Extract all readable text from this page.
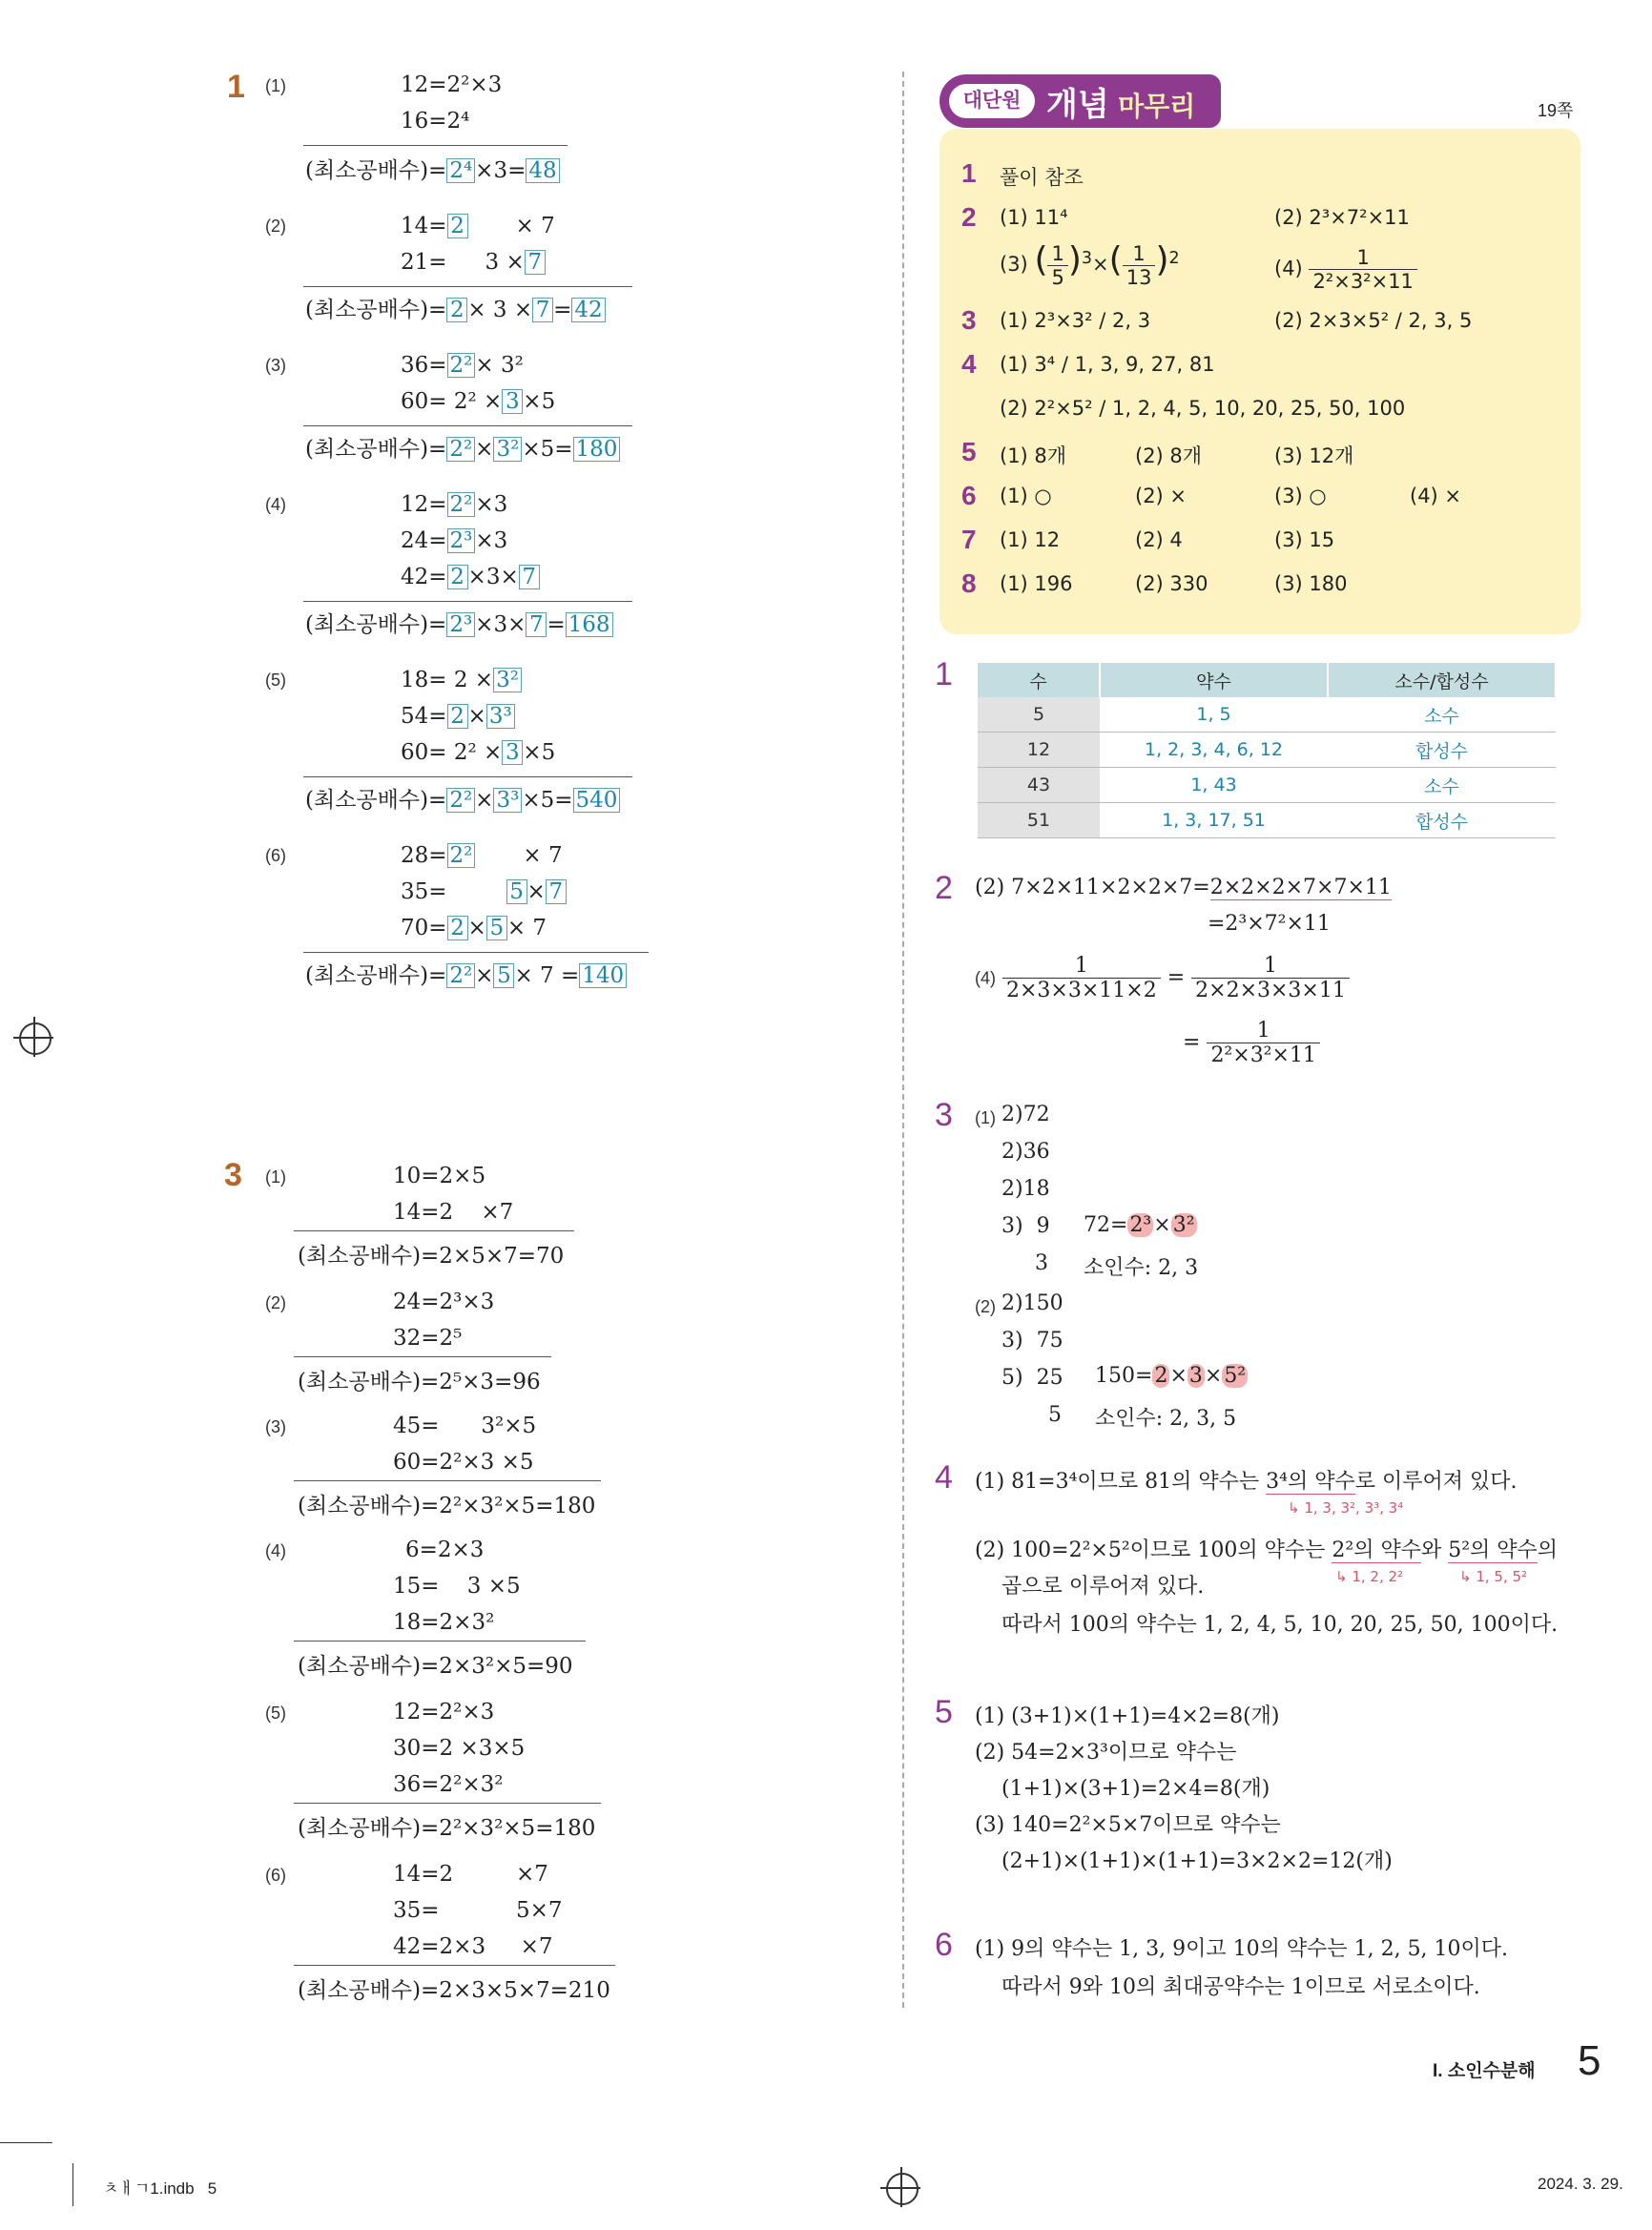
1 (1)	12=2²×3
16=2⁴
(최소공배수)= 2⁴ ×3= 48
(2)	14= 2 × 7
21= 3 × 7
(최소공배수)= 2 × 3 × 7 = 42
(3)	36= 2² × 3²
60= 2² × 3 ×5
(최소공배수)= 2² × 3² ×5= 180
(4)	12= 2² ×3
24= 2³ ×3
42= 2 ×3× 7
(최소공배수)= 2³ ×3× 7 = 168
(5)	18= 2 × 3²
54= 2 × 3³
60= 2² × 3 ×5
(최소공배수)= 2² × 3³ ×5= 540
(6)	28= 2² × 7
35=	5 × 7
70= 2 × 5 × 7
(최소공배수)= 2² × 5 × 7 = 140
3 (1)	10=2×5
14=2    ×7
(최소공배수)=2×5×7=70
(2)	24=2³×3
32=2⁵
(최소공배수)=2⁵×3=96
(3)	45=      3²×5
60=2²×3 ×5
(최소공배수)=2²×3²×5=180
(4)	6=2×3
15=    3 ×5
18=2×3²
(최소공배수)=2×3²×5=90
(5)	12=2²×3
30=2 ×3×5
36=2²×3²
(최소공배수)=2²×3²×5=180
(6)	14=2         ×7
35=           5×7
42=2×3     ×7
(최소공배수)=2×3×5×7=210
대단원 개념 마무리	19쪽
1 풀이 참조
2 (1) 11⁴	(2) 2³×7²×11
(3) ( $\frac{1}{5} )^3\times( \frac{1}{13} )^2$	$(4) \frac{1}{\text{2²×3²×11}}$
3 (1) 2³×3² / 2, 3	(2) 2×3×5² / 2, 3, 5
4 (1) 3⁴ / 1, 3, 9, 27, 81
(2) 2²×5² / 1, 2, 4, 5, 10, 20, 25, 50, 100
5 (1) 8개	(2) 8개	(3) 12개
6 (1) ○	(2) ×	(3) ○	(4) ×
7 (1) 12	(2) 4	(3) 15
8 (1) 196	(2) 330	(3) 180
1	수	약수	소수/합성수
5	1, 5	소수
12	1, 2, 3, 4, 6, 12	합성수
43	1, 43	소수
51	1, 3, 17, 51	합성수
2 (2) 7×2×11×2×2×7=2×2×2×7×7×11
=2³×7²×11
$(4) \frac{1}{2\times 3\times 3\times 11\times 2} = \frac{1}{2\times 2\times 3\times 3\times 11}$
= $\frac{1}{\text{2²×3²×11}}$
3 (1) 2)72
2)36
2)18
3)  9
3
72=2³×3²
소인수: 2, 3
(2) 2)150
3)  75
5)  25
5
150=2×3×5²
소인수: 2, 3, 5
4 (1) 81=3⁴이므로 81의 약수는 3⁴의 약수로 이루어져 있다.
↳ 1, 3, 3², 3³, 3⁴
(2) 100=2²×5²이므로 100의 약수는 2²의 약수와 5²의 약수의
↳ 1, 2, 2²	↳ 1, 5, 5²
곱으로 이루어져 있다.
따라서 100의 약수는 1, 2, 4, 5, 10, 20, 25, 50, 100이다.
5 (1) (3+1)×(1+1)=4×2=8(개)
(2) 54=2×3³이므로 약수는
(1+1)×(3+1)=2×4=8(개)
(3) 140=2²×5×7이므로 약수는
(2+1)×(1+1)×(1+1)=3×2×2=12(개)
6 (1) 9의 약수는 1, 3, 9이고 10의 약수는 1, 2, 5, 10이다.
따라서 9와 10의 최대공약수는 1이므로 서로소이다.
I. 소인수분해 5
ㅊㅐㄱ1.indb   5	2024. 3. 29.
